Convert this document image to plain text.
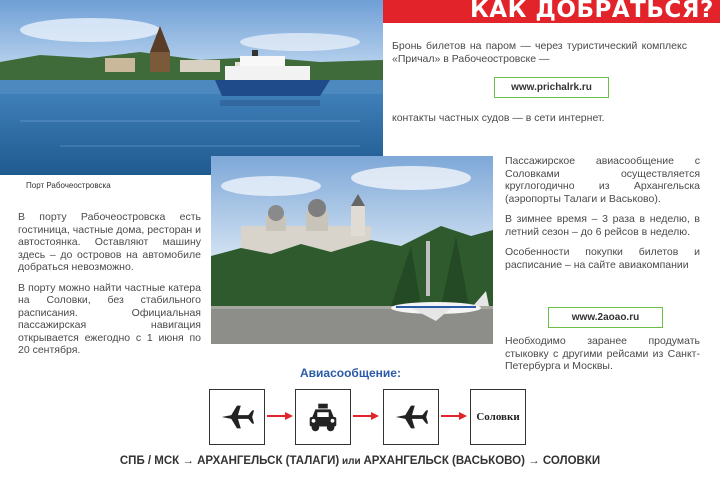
КАК ДОБРАТЬСЯ?
Порт Рабочеостровска

Бронь билетов на паром — через туристический комплекс «Причал» в Рабочеостровске —

www.prichalrk.ru

контакты частных судов — в сети интернет.

В порту Рабочеостровска есть гостиница, частные дома, ресторан и автостоянка. Оставляют машину здесь – до островов на автомобиле добраться невозможно.

В порту можно найти частные катера на Соловки, без стабильного расписания. Официальная пассажирская навигация открывается ежегодно с 1 июня по 20 сентября.

Пассажирское авиасообщение с Соловками осуществляется круглогодично из Архангельска (аэропорты Талаги и Васьково).

В зимнее время – 3 раза в неделю, в летний сезон – до 6 рейсов в неделю.

Особенности покупки билетов и расписание – на сайте авиакомпании

www.2aoao.ru

Необходимо заранее продумать стыковку с другими рейсами из Санкт-Петербурга и Москвы.

Авиасообщение:
Соловки
СПБ / МСК → АРХАНГЕЛЬСК (ТАЛАГИ) или АРХАНГЕЛЬСК (ВАСЬКОВО) → СОЛОВКИ
